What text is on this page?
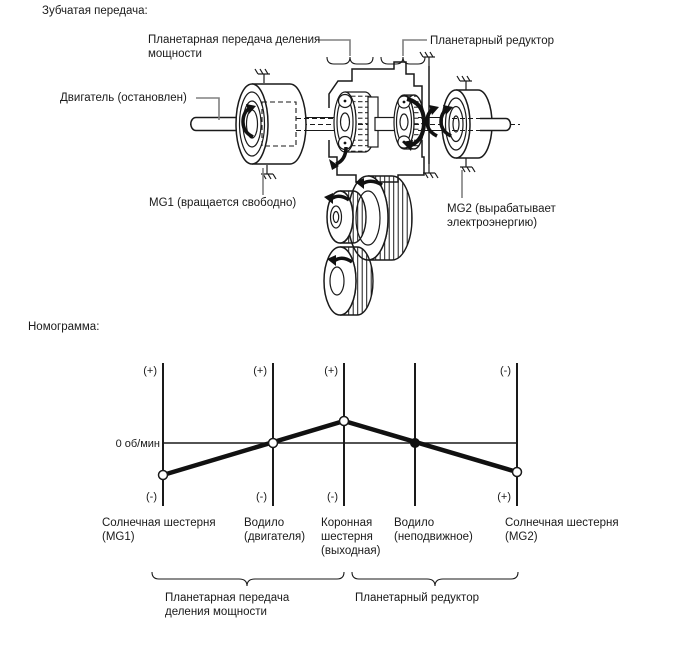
Зубчатая передача:
Планетарная передача деления
мощности
Планетарный редуктор
Двигатель (остановлен)
MG1 (вращается свободно)	MG2 (вырабатывает
электроэнергию)
Номограмма:
0 об/мин
(+)	(+)	(+)	(-)
(-)	(-)	(-)	(+)
Солнечная шестерня
(MG1)
Водило
(двигателя)
Коронная
шестерня
(выходная)
Водило
(неподвижное)
Солнечная шестерня
(MG2)
Планетарная передача
деления мощности
Планетарный редуктор
